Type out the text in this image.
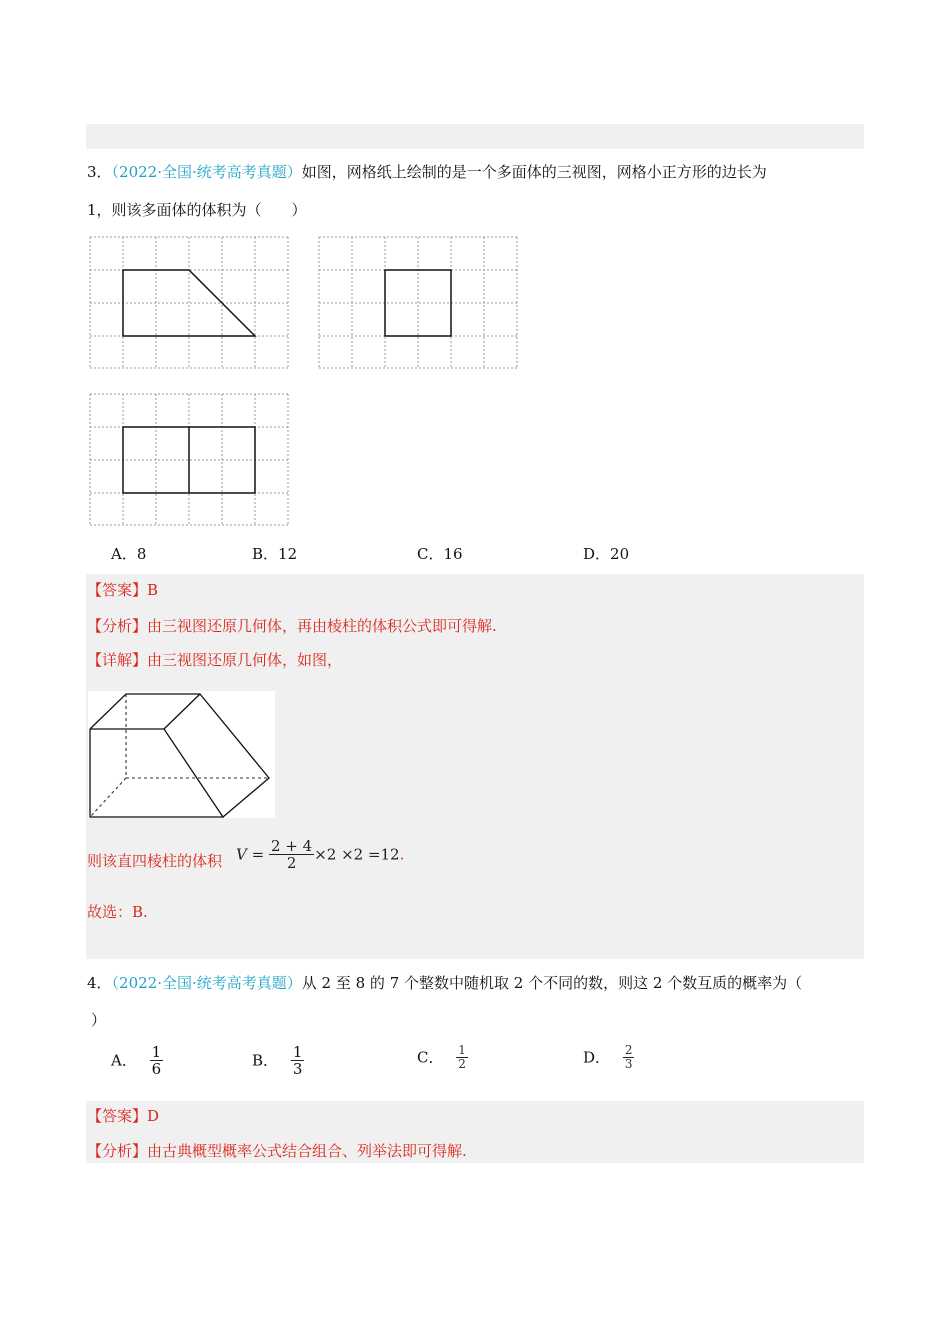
3．（2022·全国·统考高考真题）如图，网格纸上绘制的是一个多面体的三视图，网格小正方形的边长为
1，则该多面体的体积为（　　）
A．8	B．12	C．16	D．20
【答案】B
【分析】由三视图还原几何体，再由棱柱的体积公式即可得解.
【详解】由三视图还原几何体，如图，
则该直四棱柱的体积 $V = \frac{2 + 4}{2} \times 2 \times 2 =12$.
故选：B.
4．（2022·全国·统考高考真题）从 2 至 8 的 7 个整数中随机取 2 个不同的数，则这 2 个数互质的概率为（
）
A． $\frac{1}{6}$	B． $\frac{1}{3}$	C． $\frac{1}{2}$	D． $\frac{2}{3}$
【答案】D
【分析】由古典概型概率公式结合组合、列举法即可得解.
